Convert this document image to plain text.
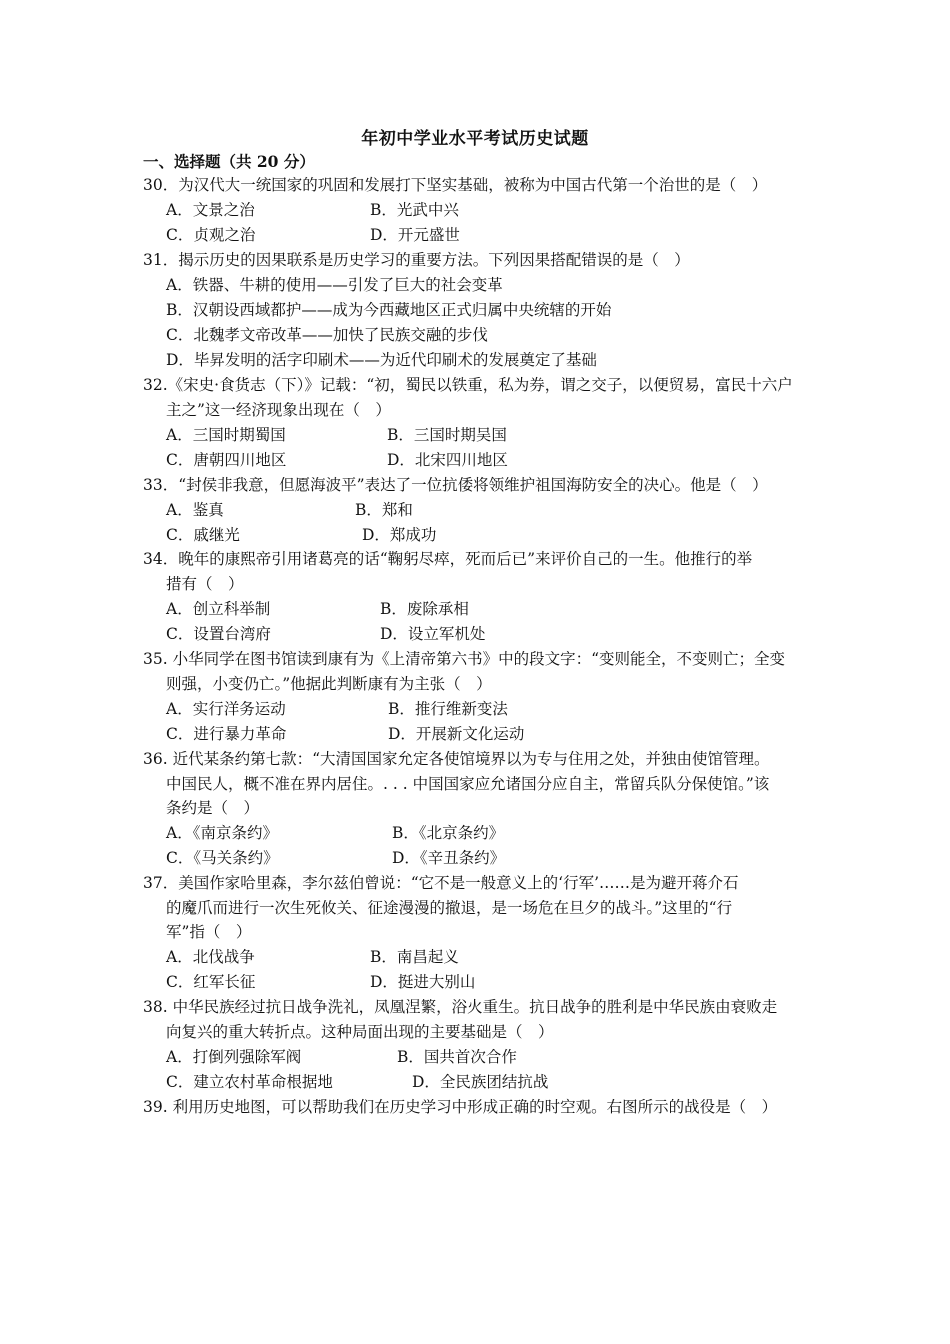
年初中学业水平考试历史试题
一、选择题（共 20 分）
30．为汉代大一统国家的巩固和发展打下坚实基础，被称为中国古代第一个治世的是（　）
A．文景之治	B．光武中兴
C．贞观之治	D．开元盛世
31．揭示历史的因果联系是历史学习的重要方法。下列因果搭配错误的是（　）
A．铁器、牛耕的使用——引发了巨大的社会变革
B．汉朝设西域都护——成为今西藏地区正式归属中央统辖的开始
C．北魏孝文帝改革——加快了民族交融的步伐
D．毕昇发明的活字印刷术——为近代印刷术的发展奠定了基础
32.《宋史·食货志（下）》记载：“初，蜀民以铁重，私为券，谓之交子，以便贸易，富民十六户
主之”这一经济现象出现在（　）
A．三国时期蜀国	B．三国时期吴国
C．唐朝四川地区	D．北宋四川地区
33．“封侯非我意，但愿海波平”表达了一位抗倭将领维护祖国海防安全的决心。他是（　）
A．鉴真	B．郑和
C．戚继光	D．郑成功
34．晚年的康熙帝引用诸葛亮的话“鞠躬尽瘁，死而后已”来评价自己的一生。他推行的举
措有（　）
A．创立科举制	B．废除承相
C．设置台湾府	D．设立军机处
35. 小华同学在图书馆读到康有为《上清帝第六书》中的段文字：“变则能全，不变则亡；全变
则强，小变仍亡。”他据此判断康有为主张（　）
A．实行洋务运动	B．推行维新变法
C．进行暴力革命	D．开展新文化运动
36. 近代某条约第七款：“大清国国家允定各使馆境界以为专与住用之处，并独由使馆管理。
中国民人，概不准在界内居住。. . . 中国国家应允诸国分应自主，常留兵队分保使馆。”该
条约是（　）
A．《南京条约》	B．《北京条约》
C．《马关条约》	D．《辛丑条约》
37．美国作家哈里森，李尔兹伯曾说：“它不是一般意义上的‘行军’……是为避开蒋介石
的魔爪而进行一次生死攸关、征途漫漫的撤退，是一场危在旦夕的战斗。”这里的“行
军”指（　）
A．北伐战争	B．南昌起义
C．红军长征	D．挺进大别山
38. 中华民族经过抗日战争洗礼，凤凰涅繁，浴火重生。抗日战争的胜利是中华民族由衰败走
向复兴的重大转折点。这种局面出现的主要基础是（　）
A．打倒列强除军阀	B．国共首次合作
C．建立农村革命根据地	D．全民族团结抗战
39. 利用历史地图，可以帮助我们在历史学习中形成正确的时空观。右图所示的战役是（　）
